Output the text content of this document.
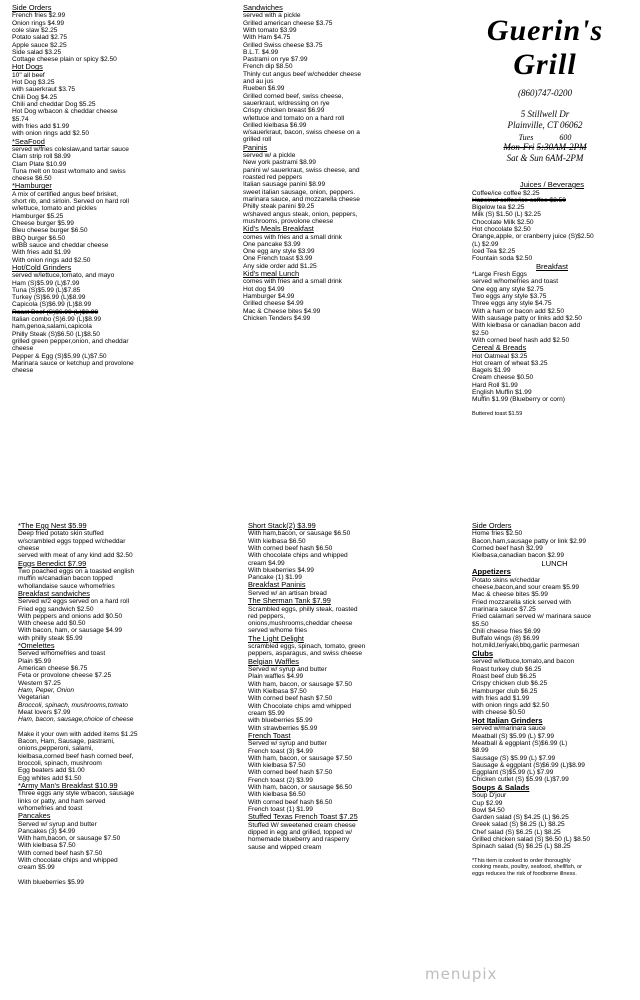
Guerin's
Grill
(860)747-0200
5 Stillwell Dr
Plainville, CT 06062
Tues	600
Mon-Fri 5:30AM-2PM
Sat & Sun 6AM-2PM
Side Orders
French fries $2.99
Onion rings $4.99
cole slaw $2.25
Potato salad $2.75
Apple sauce $2.25
Side salad $3.25
Cottage cheese plain or spicy $2.50
Hot Dogs
10" all beef
Hot Dog $3.25
with sauerkraut $3.75
Chili Dog $4.25
Chili and cheddar Dog $5.25
Hot Dog w/bacon & cheddar cheese
$5.74
with fries add $1.99
with onion rings add $2.50
*SeaFood
served w/fries coleslaw,and tartar sauce
Clam strip roll $8.99
Clam Plate $10.99
Tuna melt on toast w/tomato and swiss
cheese $6.50
*Hamburger
A mix of certified angus beef brisket,
short rib, and sirloin. Served on hard roll
w/lettuce, tomato and pickles
Hamburger $5.25
Cheese burger $5.99
Bleu cheese burger $6.50
BBQ burger $6.50
w/BB sauce and cheddar cheese
With fries add $1.99
With onion rings add $2.50
Hot/Cold Grinders
served w/lettuce,tomato, and mayo
Ham (S)$5.99 (L)$7.99
Tuna (S)$5.99 (L)$7.85
Turkey (S)$6.99 (L)$8.99
Capicola (S)$6.99 (L)$8.99
Roast Beef (S)$6.99 (L)$8.99
Italian combo (S)6.99 (L)$8.99
ham,genoa,salami,capicola
Philly Steak (S)$6.50 (L)$8.50
grilled green pepper,onion, and cheddar
cheese
Pepper & Egg (S)$5.99 (L)$7.50
Marinara sauce or ketchup and provolone
cheese
Sandwiches
served with a pickle
Grilled american cheese $3.75
With tomato $3.99
With Ham $4.75
Grilled Swiss cheese $3.75
B.L.T. $4.99
Pastrami on rye $7.99
French dip $8.50
Thinly cut angus beef w/chedder cheese
and au jus
Rueben $6.99
Grilled corned beef, swiss cheese,
sauerkraut, w/dressing on rye
Crispy chicken breast $6.99
w/lettuce and tomato on a hard roll
Grilled kielbasa $6.99
w/sauerkraut, bacon, swiss cheese on a
grilled roll
Paninis
served w/ a pickle
New york pastrami $8.99
panini w/ sauerkraut, swiss cheese, and
roasted red peppers
Italian sausage panini $8.99
sweet italian sausage, onion, peppers.
marinara sauce, and mozzarella cheese
Philly steak panini $9.25
w/shaved angus steak, onion, peppers,
mushrooms, provolone cheese
Kid's Meals Breakfast
comes with fries and a small drink
One pancake $3.99
One egg any style $3.99
One French toast $3.99
Any side order add $1.25
Kid's meal Lunch
comes with fries and a small drink
Hot dog $4.99
Hamburger $4.99
Grilled cheese $4.99
Mac & Cheese bites $4.99
Chicken Tenders $4.99
Juices / Beverages
Coffee/ice coffee $2.25
Hazelnut coffee/ice coffee $2.50
Bigelow tea $2.25
Milk (S) $1.50 (L) $2.25
Chocolate Milk $2.50
Hot chocolate $2.50
Orange,apple, or cranberry juice (S)$2.50
(L) $2.99
Iced Tea $2.25
Fountain soda $2.50
Breakfast
*Large Fresh Eggs
served w/homefries and toast
One egg any style $2.75
Two eggs any style $3.75
Three eggs any style $4.75
With a ham or bacon add $2.50
With sausage patty or links add $2.50
With kielbasa or canadian bacon add
$2.50
With corned beef hash add $2.50
Cereal & Breads
Hot Oatmeal $3.25
Hot cream of wheat $3.25
Bagels $1.99
Cream cheese $0.50
Hard Roll $1.99
English Muffin $1.99
Muffin $1.99 (Blueberry or corn)

Buttered toast $1.59
*The Egg Nest $5.99
Deep fried potato skin stuffed
w/scrambled eggs topped w/cheddar
cheese
served with meat of any kind add $2.50
Eggs Benedict $7.99
Two poached eggs on a toasted english
muffin w/canadian bacon topped
w/hollandaise sauce w/homefries
Breakfast sandwiches
Served w/2 eggs served on a hard roll
Fried egg sandwich $2.50
With peppers and onions add $0.50
With cheese add $0.50
With bacon, ham, or sausage $4.99
with philly steak $5.99
*Omelettes
Served w/homefries and toast
Plain $5.99
American cheese $6.75
Feta or provolone cheese $7.25
Western $7.25
Ham, Peper, Onion
Vegetarian
Broccoli, spinach, mushrooms,tomato
Meat lovers $7.99
Ham, bacon, sausage,choice of cheese

Make it your own with added items $1.25
Bacon, Ham, Sausage, pastrami,
onions,pepperoni, salami,
kielbasa,corned beef hash corned beef,
broccoli, spinach, mushroom
Egg beaters add $1.00
Egg whites add $1.50
*Army Man's Breakfast $10.99
Three eggs any style w/bacon, sausage
links or patty, and ham served
w/homefries and toast
Pancakes
Served w/ syrup and butter
Pancakes (3) $4.99
With ham,bacon, or sausage $7.50
With kielbasa $7.50
With corned beef hash $7.50
With chocolate chips and whipped
cream $5.99

With blueberries $5.99
Short Stack(2) $3.99
With ham,bacon, or sausage $6.50
With kielbasa $6.50
With corned beef hash $6.50
With chocolate chips and whipped
cream $4.99
With blueberries $4.99
Pancake (1) $1.99
Breakfast Paninis
Served w/ an artisan bread
The Sherman Tank $7.99
Scrambled eggs, philly steak, roasted
red peppers,
onions,mushrooms,cheddar cheese
served w/home fries
The Light Delight
scrambled eggs, spinach, tomato, green
peppers, asparagus, and swiss cheese
Belgian Waffles
Served w/ syrup and butter
Plain waffles $4.99
With ham, bacon, or sausage $7.50
With Kielbasa $7.50
With corned beef hash $7.50
With Chocolate chips amd whipped
cream $5.99
with blueberries $5.99
With strawberries $5.99
French Toast
Served w/ syrup and butter
French toast (3) $4.99
With ham, bacon, or sausage $7.50
With kielbasa $7.50
With corned beef hash $7.50
French toast (2) $3.99
With ham, bacon, or sausage $6.50
With kielbasa $6.50
With corned beef hash $6.50
French toast (1) $1.99
Stuffed Texas French Toast $7.25
Stuffed W/ sweetened cream cheese
dipped in egg and grilled, topped w/
homemade blueberry and rasperry
sause and wipped cream
Side Orders
Home fries $2.50
Bacon,ham,sausage patty or link $2.99
Corned beef hash $2.99
Kielbasa,canadian bacon $2.99
LUNCH
Appetizers
Potato skins w/cheddar
cheese,bacon,and sour cream $5.99
Mac & cheese bites $5.99
Fried mozzarella stick served with
marinara sauce $7.25
Fried calamari served w/ marinara sauce
$5.50
Chili cheese fries $6.99
Buffalo wings (8) $6.99
hot,mild,teriyaki,bbq,garlic parmesan
Clubs
served w/lettuce,tomato,and bacon
Roast turkey club $6.25
Roast beef club $6.25
Crispy chicken club $6.25
Hamburger club $6.25
with fries add $1.99
with onion rings add $2.50
with cheese $0.50
Hot Italian Grinders
served w/marinara sauce
Meatball (S) $5.99 (L) $7.99
Meatball & eggplant (S)$6.99 (L)
$8.99
Sausage (S) $5.99 (L) $7.99
Sausage & eggplant (S)$6.99 (L)$8.99
Eggplant (S)$5.99 (L) $7.99
Chicken cutlet (S) $5.99 (L)$7.99
Soups & Salads
Soup D'jour
Cup $2.99
Bowl $4.50
Garden salad (S) $4.25 (L) $6.25
Greek salad (S) $6.25 (L) $8.25
Chef salad (S) $6.25 (L) $8.25
Grilled chicken salad (S) $6.50 (L) $8.50
Spinach salad (S) $6.25 (L) $8.25

*This item is cooked to order thoroughly
cooking meats, poultry, seafood, shellfish, or
eggs reduces the risk of foodborne illness.
menupix
